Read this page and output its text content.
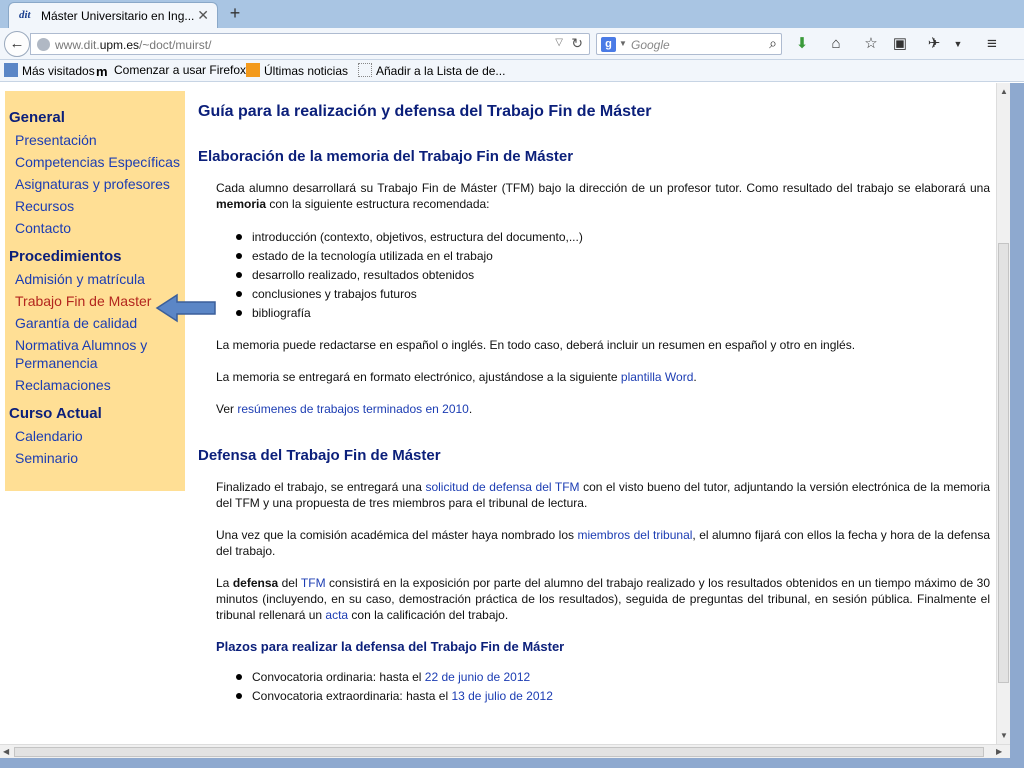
dit Máster Universitario en Ing... ✕ +
←	www.dit.upm.es/~doct/muirst/	▽ ↻	g ▼ Google	⌕ ⬇	⌂	☆ ▣ ✈	▼	≡
Más visitados m Comenzar a usar Firefox	Últimas noticias	Añadir a la Lista de de...
General
Presentación
Competencias Específicas
Asignaturas y profesores
Recursos
Contacto
Procedimientos
Admisión y matrícula
Trabajo Fin de Master
Garantía de calidad
Normativa Alumnos y Permanencia
Reclamaciones
Curso Actual
Calendario
Seminario
Guía para la realización y defensa del Trabajo Fin de Máster
Elaboración de la memoria del Trabajo Fin de Máster

Cada alumno desarrollará su Trabajo Fin de Máster (TFM) bajo la dirección de un profesor tutor. Como resultado del trabajo se elaborará una memoria con la siguiente estructura recomendada:

introducción (contexto, objetivos, estructura del documento,...)
estado de la tecnología utilizada en el trabajo
desarrollo realizado, resultados obtenidos
conclusiones y trabajos futuros
bibliografía

La memoria puede redactarse en español o inglés. En todo caso, deberá incluir un resumen en español y otro en inglés.

La memoria se entregará en formato electrónico, ajustándose a la siguiente plantilla Word.

Ver resúmenes de trabajos terminados en 2010.

Defensa del Trabajo Fin de Máster

Finalizado el trabajo, se entregará una solicitud de defensa del TFM con el visto bueno del tutor, adjuntando la versión electrónica de la memoria del TFM y una propuesta de tres miembros para el tribunal de lectura.

Una vez que la comisión académica del máster haya nombrado los miembros del tribunal, el alumno fijará con ellos la fecha y hora de la defensa del trabajo.

La defensa del TFM consistirá en la exposición por parte del alumno del trabajo realizado y los resultados obtenidos en un tiempo máximo de 30 minutos (incluyendo, en su caso, demostración práctica de los resultados), seguida de preguntas del tribunal, en sesión pública. Finalmente el tribunal rellenará un acta con la calificación del trabajo.

Plazos para realizar la defensa del Trabajo Fin de Máster
Convocatoria ordinaria: hasta el 22 de junio de 2012
Convocatoria extraordinaria: hasta el 13 de julio de 2012
▲
▼
◀	▶
